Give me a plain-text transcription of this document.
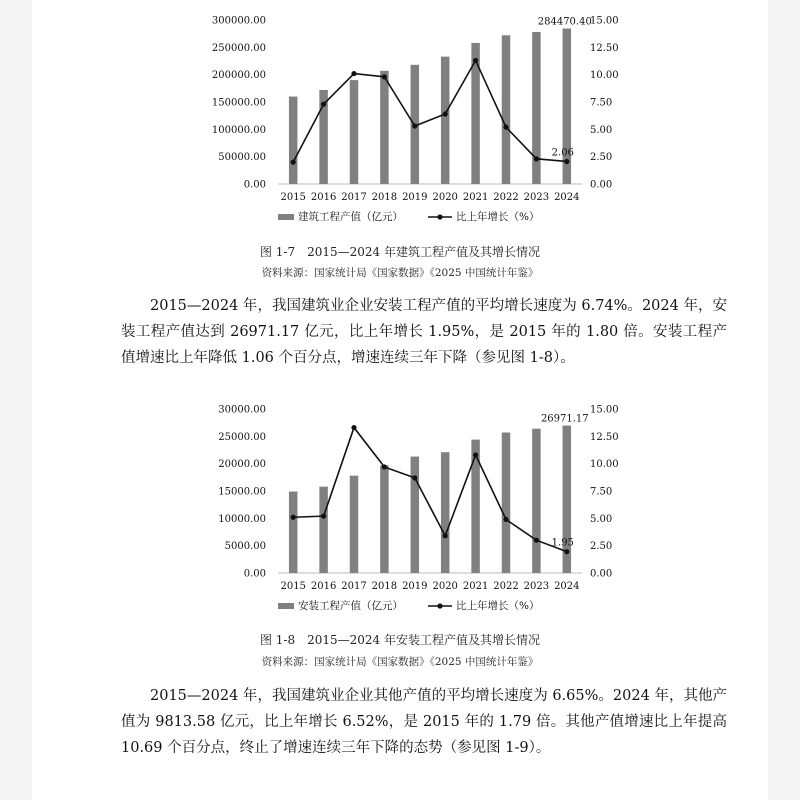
0.00
50000.00
100000.00
150000.00
200000.00
250000.00
300000.00
0.00
2.50
5.00
7.50
10.00
12.50
15.00
2015 2016 2017 2018 2019 2020 2021 2022 2023 2024
284470.40
2.06
建筑工程产值（亿元）	比上年增长（%）
图 1-7　2015—2024 年建筑工程产值及其增长情况
资料来源：国家统计局《国家数据》《2025 中国统计年鉴》

2015—2024 年，我国建筑业企业安装工程产值的平均增长速度为 6.74%。2024 年，安装工程产值达到 26971.17 亿元，比上年增长 1.95%，是 2015 年的 1.80 倍。安装工程产值增速比上年降低 1.06 个百分点，增速连续三年下降（参见图 1-8）。

0.00
5000.00
10000.00
15000.00
20000.00
25000.00
30000.00
0.00
2.50
5.00
7.50
10.00
12.50
15.00
2015 2016 2017 2018 2019 2020 2021 2022 2023 2024
26971.17
1.95
安装工程产值（亿元）	比上年增长（%）
图 1-8　2015—2024 年安装工程产值及其增长情况
资料来源：国家统计局《国家数据》《2025 中国统计年鉴》

2015—2024 年，我国建筑业企业其他产值的平均增长速度为 6.65%。2024 年，其他产值为 9813.58 亿元，比上年增长 6.52%，是 2015 年的 1.79 倍。其他产值增速比上年提高 10.69 个百分点，终止了增速连续三年下降的态势（参见图 1-9）。
